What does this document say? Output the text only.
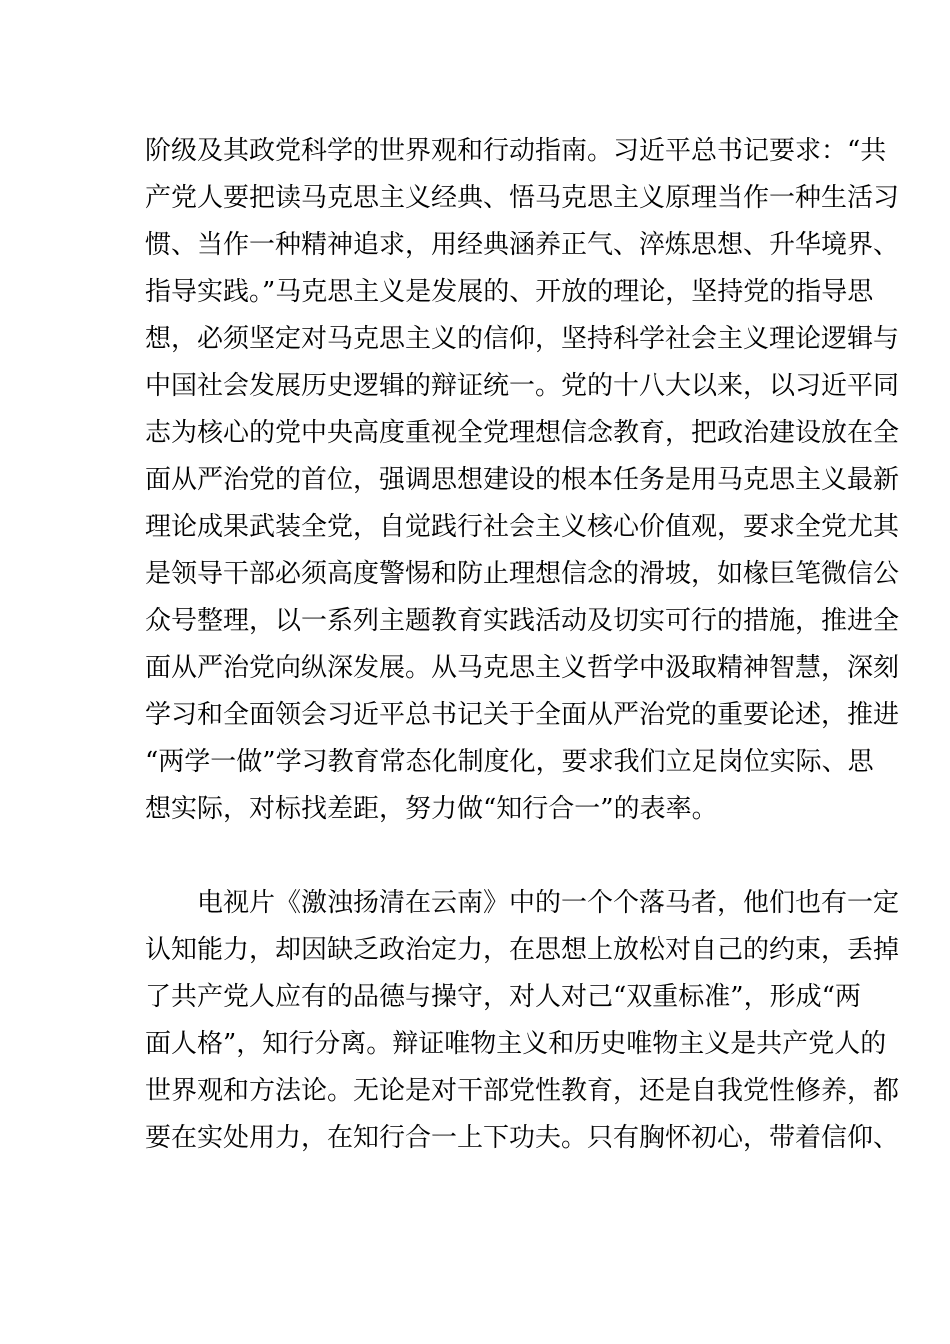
阶级及其政党科学的世界观和行动指南。习近平总书记要求：“共
产党人要把读马克思主义经典、悟马克思主义原理当作一种生活习
惯、当作一种精神追求，用经典涵养正气、淬炼思想、升华境界、
指导实践。”马克思主义是发展的、开放的理论，坚持党的指导思
想，必须坚定对马克思主义的信仰，坚持科学社会主义理论逻辑与
中国社会发展历史逻辑的辩证统一。党的十八大以来，以习近平同
志为核心的党中央高度重视全党理想信念教育，把政治建设放在全
面从严治党的首位，强调思想建设的根本任务是用马克思主义最新
理论成果武装全党，自觉践行社会主义核心价值观，要求全党尤其
是领导干部必须高度警惕和防止理想信念的滑坡，如椽巨笔微信公
众号整理，以一系列主题教育实践活动及切实可行的措施，推进全
面从严治党向纵深发展。从马克思主义哲学中汲取精神智慧，深刻
学习和全面领会习近平总书记关于全面从严治党的重要论述，推进
“两学一做”学习教育常态化制度化，要求我们立足岗位实际、思
想实际，对标找差距，努力做“知行合一”的表率。
电视片《激浊扬清在云南》中的一个个落马者，他们也有一定
认知能力，却因缺乏政治定力，在思想上放松对自己的约束，丢掉
了共产党人应有的品德与操守，对人对己“双重标准”，形成“两
面人格”，知行分离。辩证唯物主义和历史唯物主义是共产党人的
世界观和方法论。无论是对干部党性教育，还是自我党性修养，都
要在实处用力，在知行合一上下功夫。只有胸怀初心，带着信仰、
